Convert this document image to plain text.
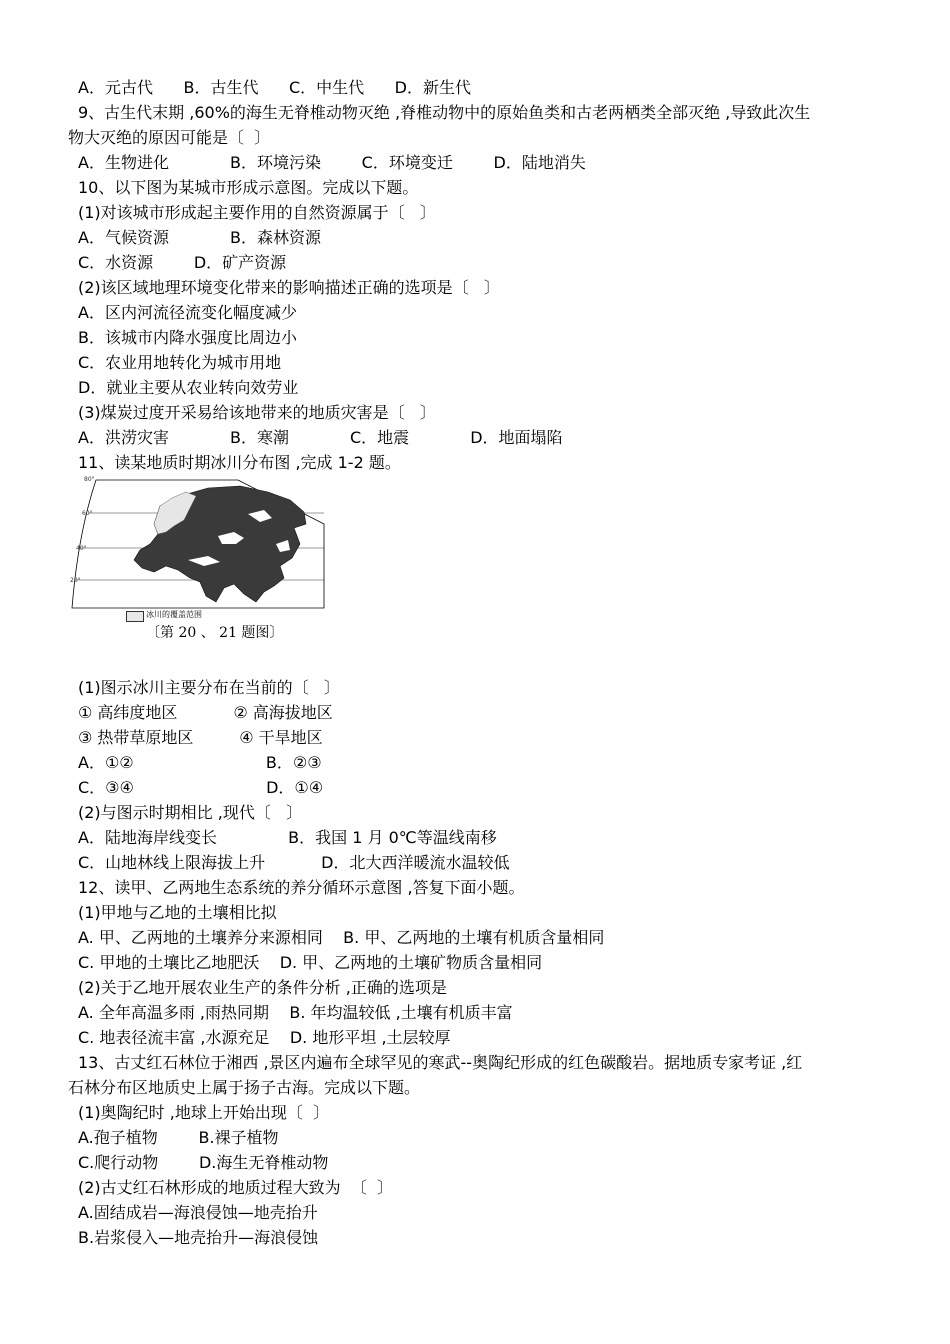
A．元古代      B．古生代      C．中生代      D．新生代
9、古生代末期 ,60%的海生无脊椎动物灭绝 ,脊椎动物中的原始鱼类和古老两栖类全部灭绝 ,导致此次生
物大灭绝的原因可能是〔  〕
A．生物进化            B．环境污染        C．环境变迁        D．陆地消失
10、以下图为某城市形成示意图。完成以下题。
(1)对该城市形成起主要作用的自然资源属于〔   〕
A．气候资源            B．森林资源
C．水资源        D．矿产资源
(2)该区域地理环境变化带来的影响描述正确的选项是〔   〕
A．区内河流径流变化幅度减少
B．该城市内降水强度比周边小
C．农业用地转化为城市用地
D．就业主要从农业转向效劳业
(3)煤炭过度开采易给该地带来的地质灾害是〔   〕
A．洪涝灾害            B．寒潮            C．地震            D．地面塌陷
11、读某地质时期冰川分布图 ,完成 1-2 题。
80°
60°
40°
20°
冰川的覆盖范围
〔第 20 、 21 题图〕
(1)图示冰川主要分布在当前的〔   〕
① 高纬度地区           ② 高海拔地区
③ 热带草原地区         ④ 干旱地区
A．①②                          B．②③
C．③④                          D．①④
(2)与图示时期相比 ,现代〔   〕
A．陆地海岸线变长              B．我国 1 月 0℃等温线南移
C．山地林线上限海拔上升           D．北大西洋暖流水温较低
12、读甲、乙两地生态系统的养分循环示意图 ,答复下面小题。
(1)甲地与乙地的土壤相比拟
A. 甲、乙两地的土壤养分来源相同    B. 甲、乙两地的土壤有机质含量相同
C. 甲地的土壤比乙地肥沃    D. 甲、乙两地的土壤矿物质含量相同
(2)关于乙地开展农业生产的条件分析 ,正确的选项是
A. 全年高温多雨 ,雨热同期    B. 年均温较低 ,土壤有机质丰富
C. 地表径流丰富 ,水源充足    D. 地形平坦 ,土层较厚
13、古丈红石林位于湘西 ,景区内遍布全球罕见的寒武--奥陶纪形成的红色碳酸岩。据地质专家考证 ,红
石林分布区地质史上属于扬子古海。完成以下题。
(1)奥陶纪时 ,地球上开始出现〔  〕
A.孢子植物        B.裸子植物
C.爬行动物        D.海生无脊椎动物
(2)古丈红石林形成的地质过程大致为  〔  〕
A.固结成岩—海浪侵蚀—地壳抬升
B.岩浆侵入—地壳抬升—海浪侵蚀
